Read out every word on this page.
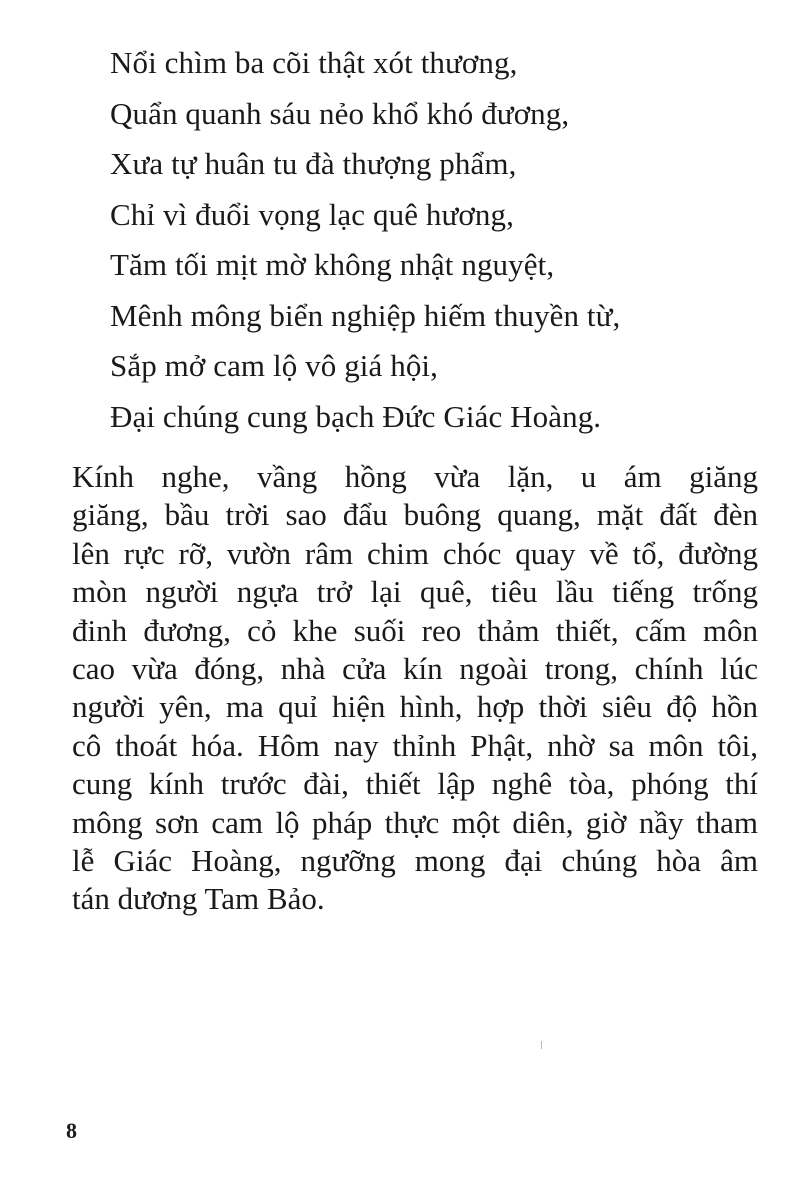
Nổi chìm ba cõi thật xót thương,
Quẩn quanh sáu nẻo khổ khó đương,
Xưa tự huân tu đà thượng phẩm,
Chỉ vì đuổi vọng lạc quê hương,
Tăm tối mịt mờ không nhật nguyệt,
Mênh mông biển nghiệp hiếm thuyền từ,
Sắp mở cam lộ vô giá hội,
Đại chúng cung bạch Đức Giác Hoàng.
Kính nghe, vầng hồng vừa lặn, u ám giăng
giăng, bầu trời sao đẩu buông quang, mặt đất đèn
lên rực rỡ, vườn râm chim chóc quay về tổ, đường
mòn người ngựa trở lại quê, tiêu lầu tiếng trống
đinh đương, cỏ khe suối reo thảm thiết, cấm môn
cao vừa đóng, nhà cửa kín ngoài trong, chính lúc
người yên, ma quỉ hiện hình, hợp thời siêu độ hồn
cô thoát hóa. Hôm nay thỉnh Phật, nhờ sa môn tôi,
cung kính trước đài, thiết lập nghê tòa, phóng thí
mông sơn cam lộ pháp thực một diên, giờ nầy tham
lễ Giác Hoàng, ngưỡng mong đại chúng hòa âm
tán dương Tam Bảo.
8
